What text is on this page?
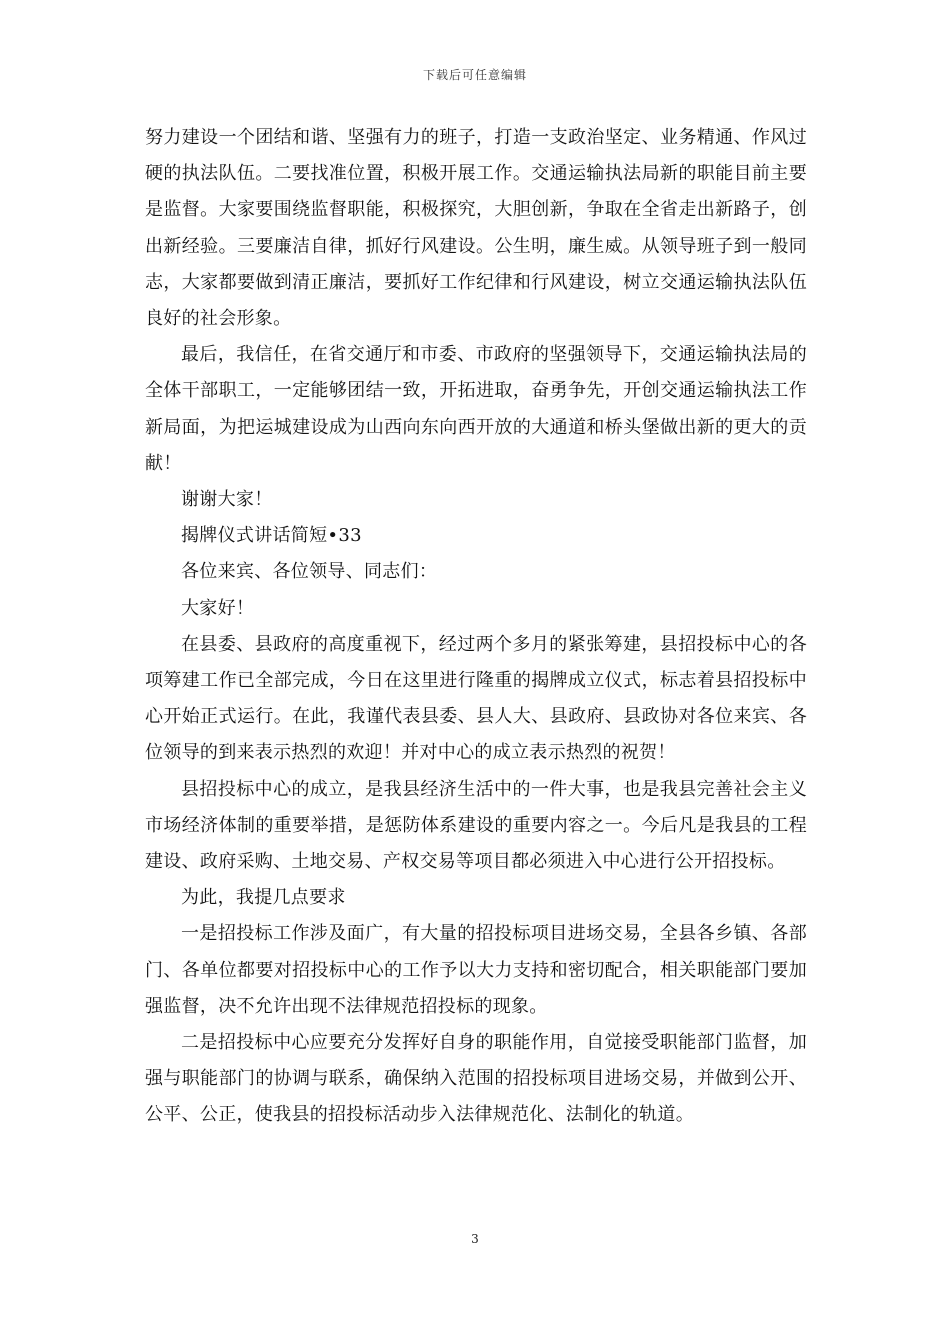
下载后可任意编辑

努力建设一个团结和谐、坚强有力的班子，打造一支政治坚定、业务精通、作风过硬的执法队伍。二要找准位置，积极开展工作。交通运输执法局新的职能目前主要是监督。大家要围绕监督职能，积极探究，大胆创新，争取在全省走出新路子，创出新经验。三要廉洁自律，抓好行风建设。公生明，廉生威。从领导班子到一般同志，大家都要做到清正廉洁，要抓好工作纪律和行风建设，树立交通运输执法队伍良好的社会形象。

最后，我信任，在省交通厅和市委、市政府的坚强领导下，交通运输执法局的全体干部职工，一定能够团结一致，开拓进取，奋勇争先，开创交通运输执法工作新局面，为把运城建设成为山西向东向西开放的大通道和桥头堡做出新的更大的贡献！

谢谢大家！

揭牌仪式讲话简短•33

各位来宾、各位领导、同志们：

大家好！

在县委、县政府的高度重视下，经过两个多月的紧张筹建，县招投标中心的各项筹建工作已全部完成，今日在这里进行隆重的揭牌成立仪式，标志着县招投标中心开始正式运行。在此，我谨代表县委、县人大、县政府、县政协对各位来宾、各位领导的到来表示热烈的欢迎！并对中心的成立表示热烈的祝贺！

县招投标中心的成立，是我县经济生活中的一件大事，也是我县完善社会主义市场经济体制的重要举措，是惩防体系建设的重要内容之一。今后凡是我县的工程建设、政府采购、土地交易、产权交易等项目都必须进入中心进行公开招投标。

为此，我提几点要求

一是招投标工作涉及面广，有大量的招投标项目进场交易，全县各乡镇、各部门、各单位都要对招投标中心的工作予以大力支持和密切配合，相关职能部门要加强监督，决不允许出现不法律规范招投标的现象。

二是招投标中心应要充分发挥好自身的职能作用，自觉接受职能部门监督，加强与职能部门的协调与联系，确保纳入范围的招投标项目进场交易，并做到公开、公平、公正，使我县的招投标活动步入法律规范化、法制化的轨道。

3
